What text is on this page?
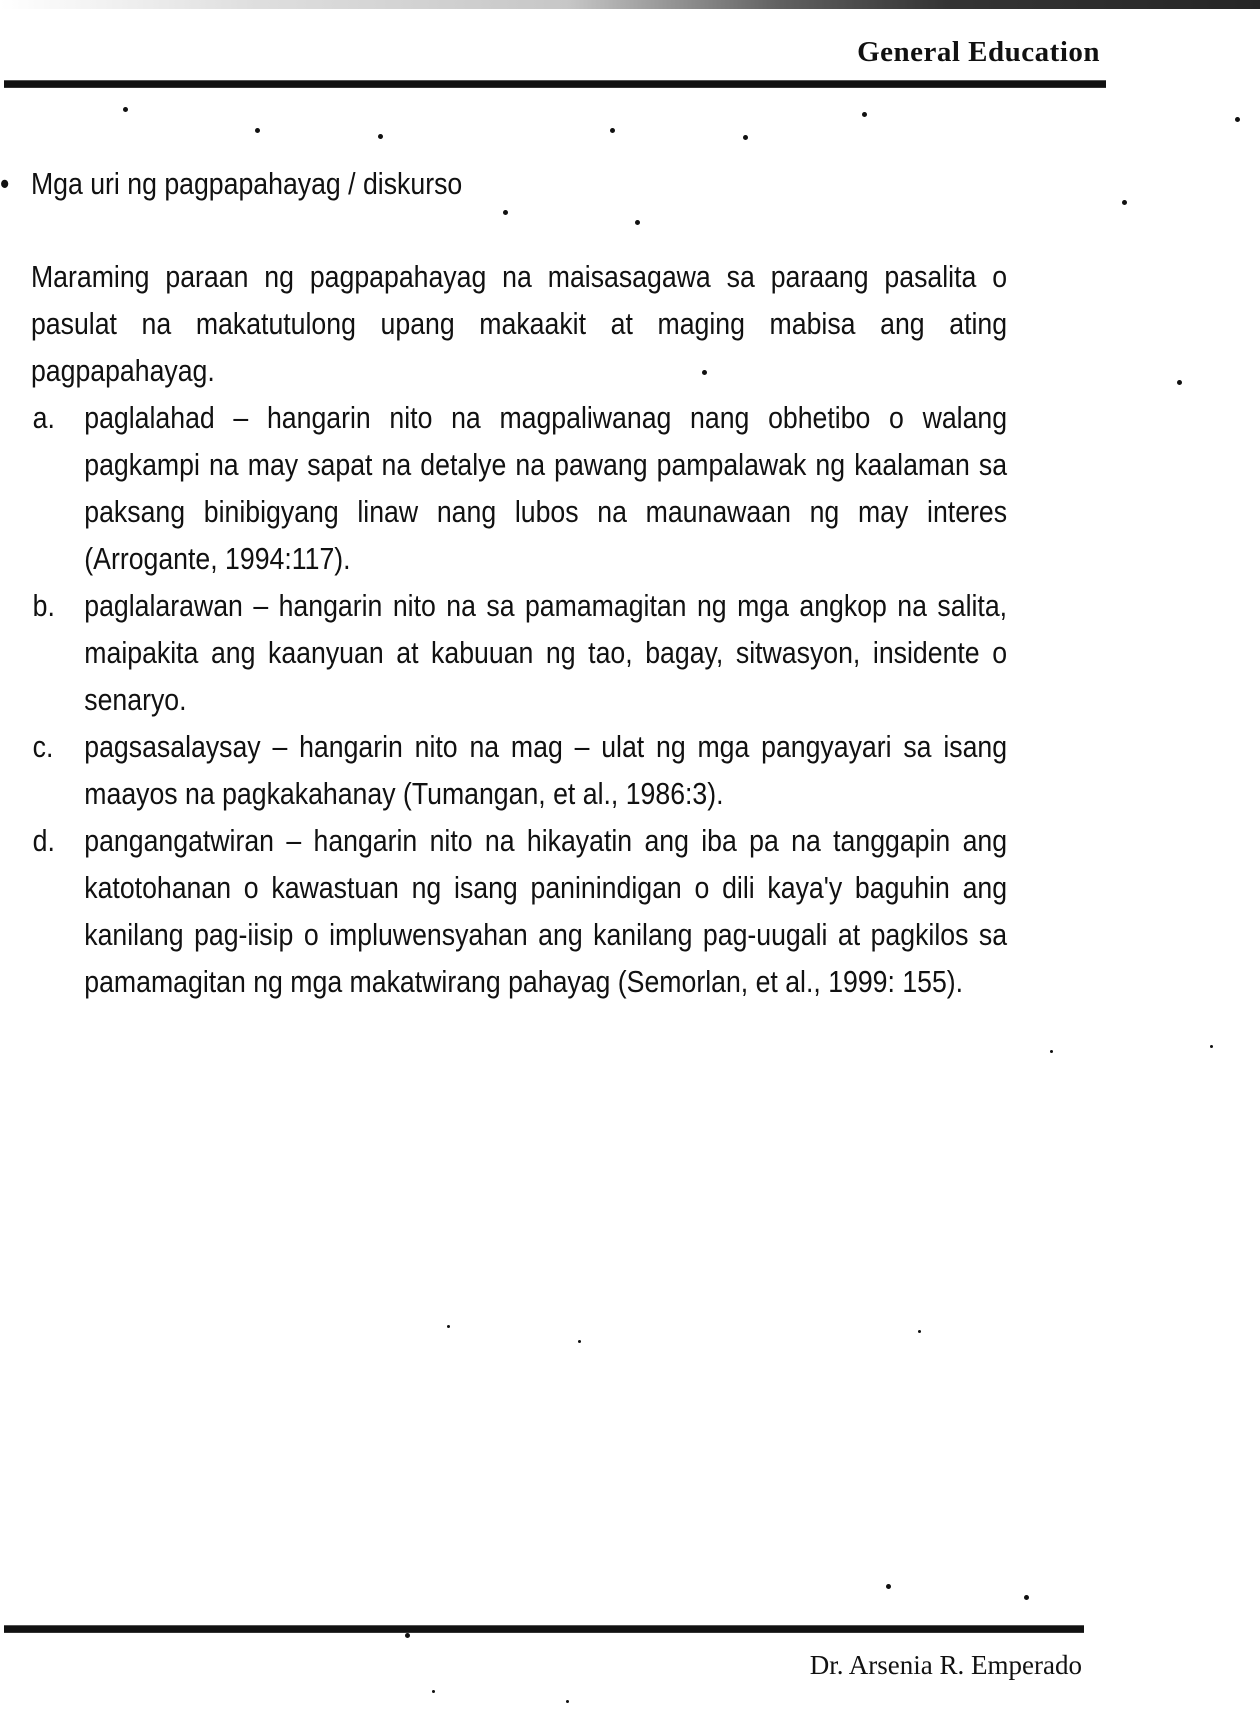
General Education
• Mga uri ng pagpapahayag / diskurso

Maraming paraan ng pagpapahayag na maisasagawa sa paraang pasalita o pasulat na makatutulong upang makaakit at maging mabisa ang ating pagpapahayag.

a. paglalahad – hangarin nito na magpaliwanag nang obhetibo o walang pagkampi na may sapat na detalye na pawang pampalawak ng kaalaman sa paksang binibigyang linaw nang lubos na maunawaan ng may interes (Arrogante, 1994:117).
b. paglalarawan – hangarin nito na sa pamamagitan ng mga angkop na salita, maipakita ang kaanyuan at kabuuan ng tao, bagay, sitwasyon, insidente o senaryo.
c. pagsasalaysay – hangarin nito na mag – ulat ng mga pangyayari sa isang maayos na pagkakahanay (Tumangan, et al., 1986:3).
d. pangangatwiran – hangarin nito na hikayatin ang iba pa na tanggapin ang katotohanan o kawastuan ng isang paninindigan o dili kaya'y baguhin ang kanilang pag-iisip o impluwensyahan ang kanilang pag-uugali at pagkilos sa pamamagitan ng mga makatwirang pahayag (Semorlan, et al., 1999: 155).
Dr. Arsenia R. Emperado
